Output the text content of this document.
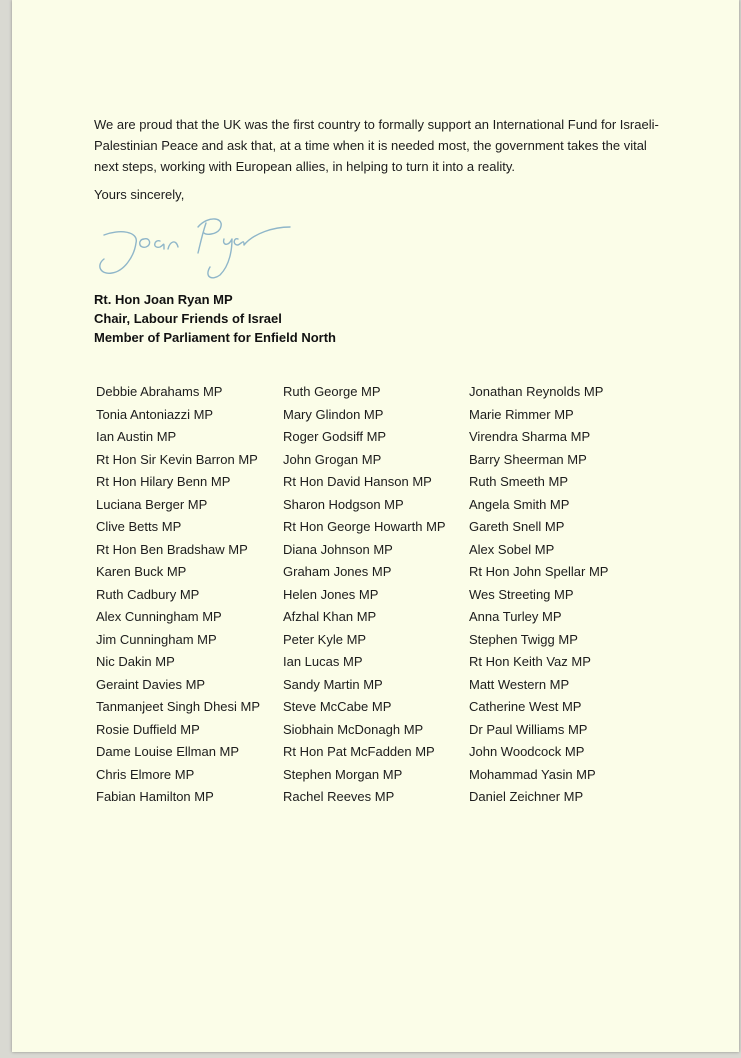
We are proud that the UK was the first country to formally support an International Fund for Israeli-Palestinian Peace and ask that, at a time when it is needed most, the government takes the vital next steps, working with European allies, in helping to turn it into a reality.

Yours sincerely,
Rt. Hon Joan Ryan MP
Chair, Labour Friends of Israel
Member of Parliament for Enfield North
Debbie Abrahams MP
Tonia Antoniazzi MP
Ian Austin MP
Rt Hon Sir Kevin Barron MP
Rt Hon Hilary Benn MP
Luciana Berger MP
Clive Betts MP
Rt Hon Ben Bradshaw MP
Karen Buck MP
Ruth Cadbury MP
Alex Cunningham MP
Jim Cunningham MP
Nic Dakin MP
Geraint Davies MP
Tanmanjeet Singh Dhesi MP
Rosie Duffield MP
Dame Louise Ellman MP
Chris Elmore MP
Fabian Hamilton MP
Ruth George MP
Mary Glindon MP
Roger Godsiff MP
John Grogan MP
Rt Hon David Hanson MP
Sharon Hodgson MP
Rt Hon George Howarth MP
Diana Johnson MP
Graham Jones MP
Helen Jones MP
Afzhal Khan MP
Peter Kyle MP
Ian Lucas MP
Sandy Martin MP
Steve McCabe MP
Siobhain McDonagh MP
Rt Hon Pat McFadden MP
Stephen Morgan MP
Rachel Reeves MP
Jonathan Reynolds MP
Marie Rimmer MP
Virendra Sharma MP
Barry Sheerman MP
Ruth Smeeth MP
Angela Smith MP
Gareth Snell MP
Alex Sobel MP
Rt Hon John Spellar MP
Wes Streeting MP
Anna Turley MP
Stephen Twigg MP
Rt Hon Keith Vaz MP
Matt Western MP
Catherine West MP
Dr Paul Williams MP
John Woodcock MP
Mohammad Yasin MP
Daniel Zeichner MP
